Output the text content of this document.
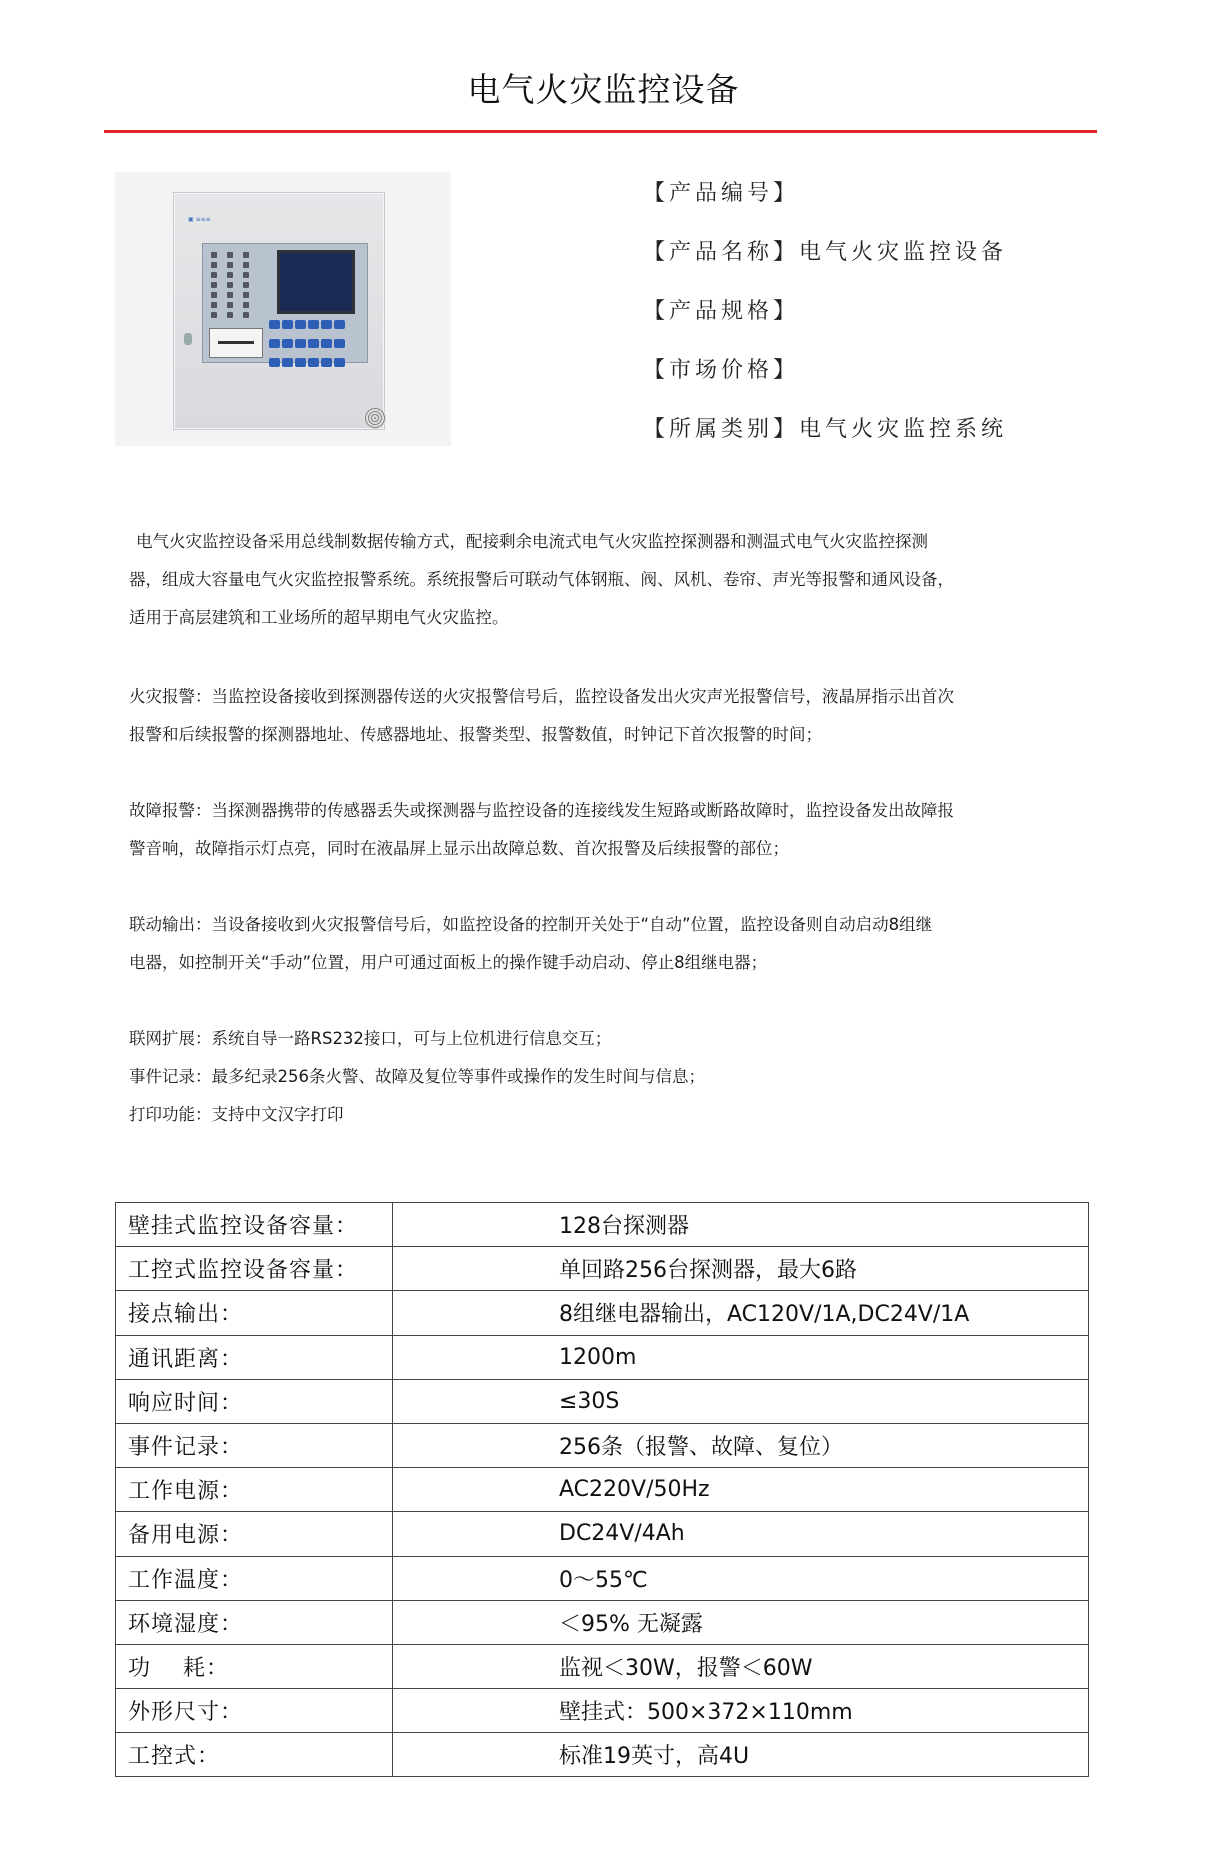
电气火灾监控设备
▣ ≡≡≡

【产品编号】
【产品名称】电气火灾监控设备
【产品规格】
【市场价格】
【所属类别】电气火灾监控系统
电气火灾监控设备采用总线制数据传输方式，配接剩余电流式电气火灾监控探测器和测温式电气火灾监控探测
器，组成大容量电气火灾监控报警系统。系统报警后可联动气体钢瓶、阀、风机、卷帘、声光等报警和通风设备，
适用于高层建筑和工业场所的超早期电气火灾监控。
火灾报警：当监控设备接收到探测器传送的火灾报警信号后，监控设备发出火灾声光报警信号，液晶屏指示出首次
报警和后续报警的探测器地址、传感器地址、报警类型、报警数值，时钟记下首次报警的时间；
故障报警：当探测器携带的传感器丢失或探测器与监控设备的连接线发生短路或断路故障时，监控设备发出故障报
警音响，故障指示灯点亮，同时在液晶屏上显示出故障总数、首次报警及后续报警的部位；
联动输出：当设备接收到火灾报警信号后，如监控设备的控制开关处于“自动”位置，监控设备则自动启动8组继
电器，如控制开关“手动”位置，用户可通过面板上的操作键手动启动、停止8组继电器；
联网扩展：系统自导一路RS232接口，可与上位机进行信息交互；
事件记录：最多纪录256条火警、故障及复位等事件或操作的发生时间与信息；
打印功能：支持中文汉字打印
壁挂式监控设备容量：	128台探测器
工控式监控设备容量：	单回路256台探测器，最大6路
接点输出：	8组继电器输出，AC120V/1A,DC24V/1A
通讯距离：	1200m
响应时间：	≤30S
事件记录：	256条（报警、故障、复位）
工作电源：	AC220V/50Hz
备用电源：	DC24V/4Ah
工作温度：	0～55℃
环境湿度：	＜95% 无凝露
功    耗：	监视＜30W，报警＜60W
外形尺寸：	壁挂式：500×372×110mm
工控式：	标准19英寸，高4U
